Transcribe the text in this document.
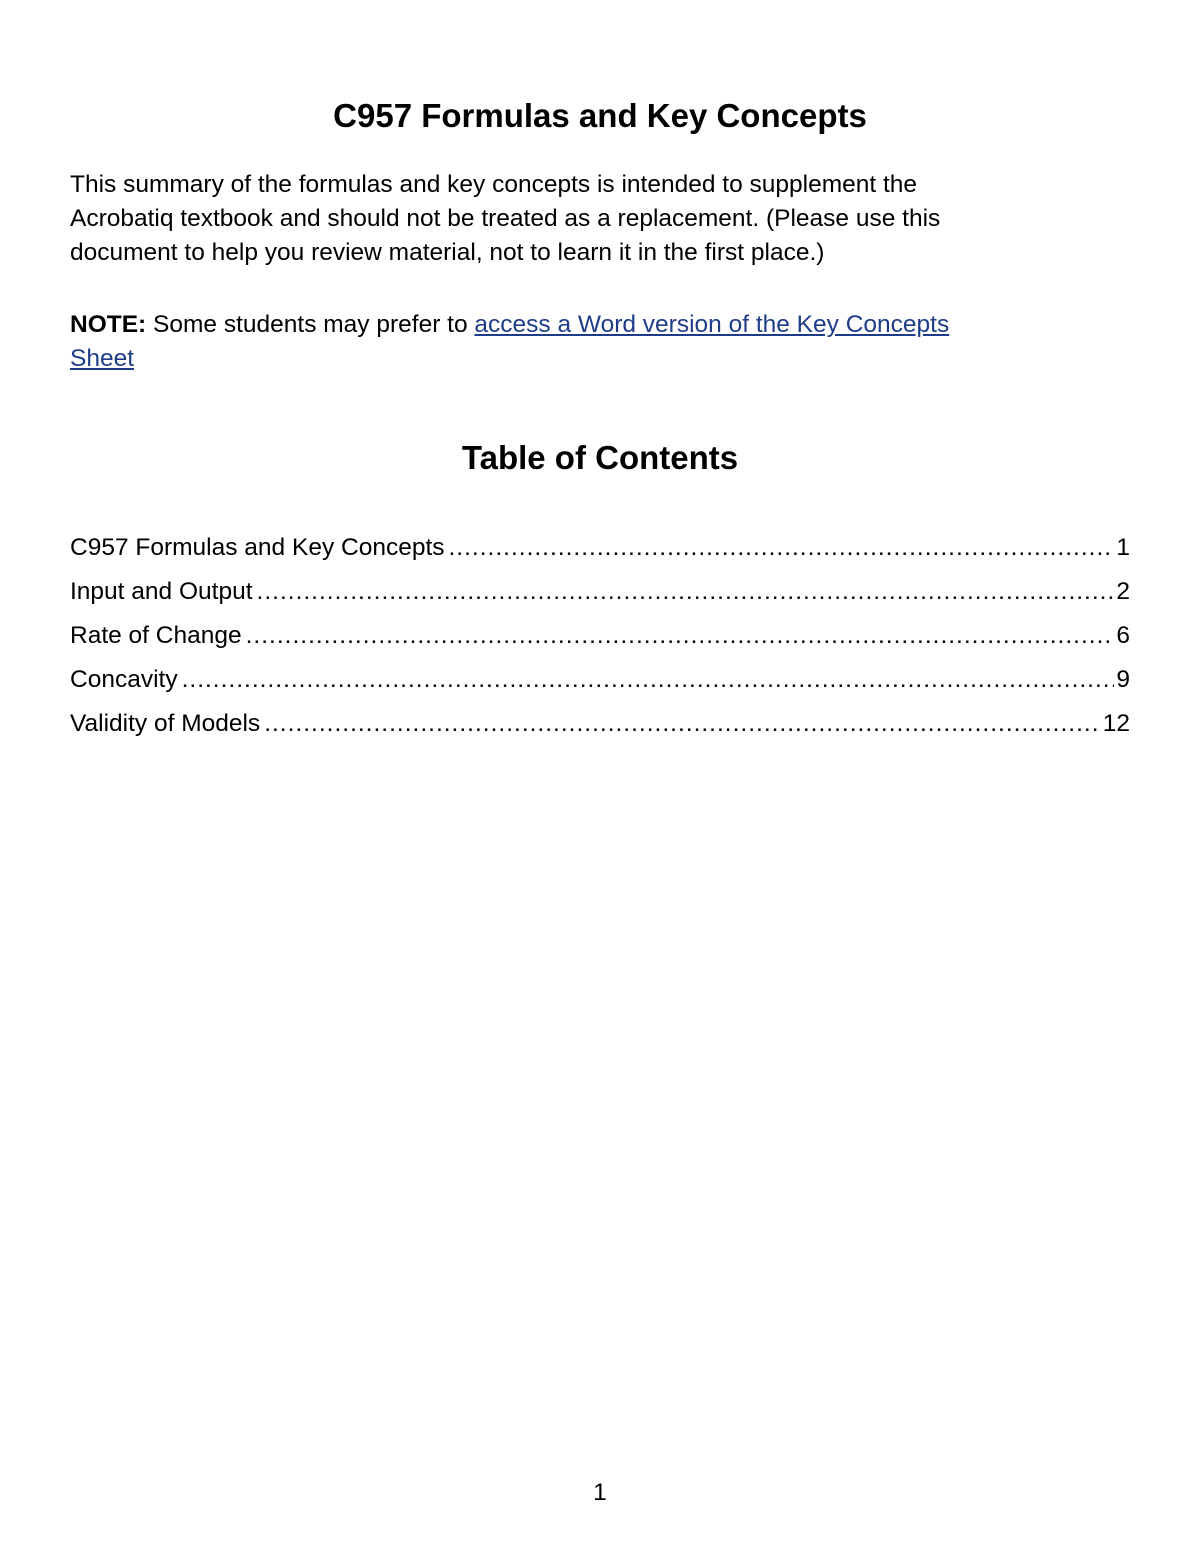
C957 Formulas and Key Concepts

This summary of the formulas and key concepts is intended to supplement the
Acrobatiq textbook and should not be treated as a replacement. (Please use this
document to help you review material, not to learn it in the first place.)

NOTE: Some students may prefer to access a Word version of the Key Concepts
Sheet

Table of Contents
C957 Formulas and Key Concepts .....	1
Input and Output .....	2
Rate of Change .....	6
Concavity .....	9
Validity of Models .....	12

1
